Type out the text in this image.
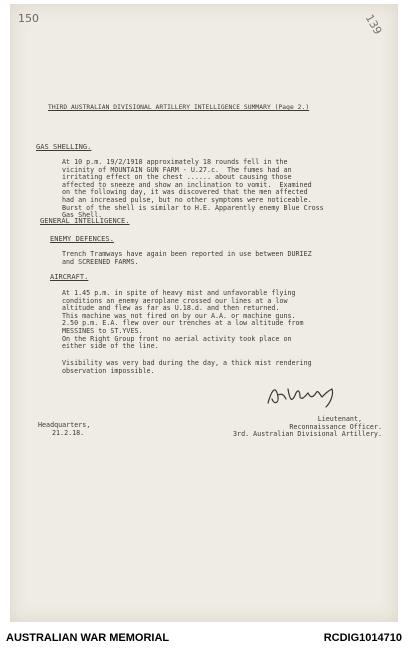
150	139
THIRD AUSTRALIAN DIVISIONAL ARTILLERY INTELLIGENCE SUMMARY (Page 2.)
GAS SHELLING.
At 10 p.m. 19/2/1918 approximately 18 rounds fell in the
vicinity of MOUNTAIN GUN FARM - U.27.c.  The fumes had an
irritating effect on the chest ...... about causing those
affected to sneeze and show an inclination to vomit.  Examined
on the following day, it was discovered that the men affected
had an increased pulse, but no other symptoms were noticeable.
Burst of the shell is similar to H.E. Apparently enemy Blue Cross
Gas Shell.
GENERAL INTELLIGENCE.
ENEMY DEFENCES.
Trench Tramways have again been reported in use between DURIEZ
and SCREENED FARMS.
AIRCRAFT.
At 1.45 p.m. in spite of heavy mist and unfavorable flying
conditions an enemy aeroplane crossed our lines at a low
altitude and flew as far as U.18.d. and then returned.
This machine was not fired on by our A.A. or machine guns.
2.50 p.m. E.A. flew over our trenches at a low altitude from
MESSINES to ST.YVES.
On the Right Group front no aerial activity took place on
either side of the line.
Visibility was very bad during the day, a thick mist rendering
observation impossible.
Lieutenant,
Reconnaissance Officer.
3rd. Australian Divisional Artillery.
Headquarters,
21.2.18.
AUSTRALIAN WAR MEMORIAL	RCDIG1014710
